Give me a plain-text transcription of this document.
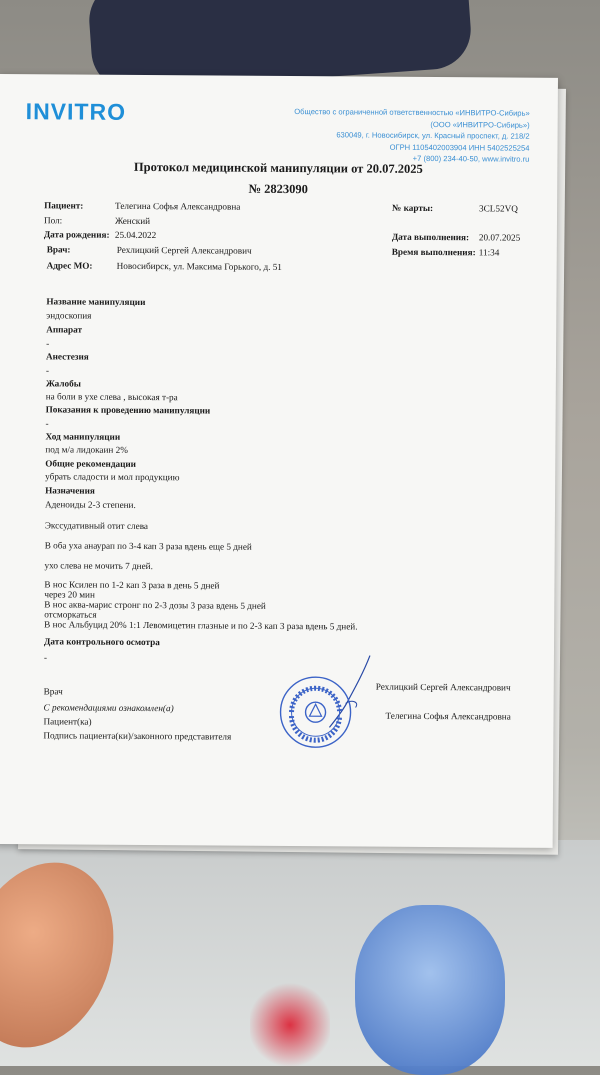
INVITRO	Общество с ограниченной ответственностью «ИНВИТРО-Сибирь»
(ООО «ИНВИТРО-Сибирь»)
630049, г. Новосибирск, ул. Красный проспект, д. 218/2
ОГРН 1105402003904 ИНН 5402525254
+7 (800) 234-40-50, www.invitro.ru
Протокол медицинской манипуляции от 20.07.2025
№ 2823090
Пациент:	Телегина Софья Александровна	№ карты:	3CL52VQ
Пол:	Женский
Дата рождения: 25.04.2022	Дата выполнения: 20.07.2025
Врач:	Рехлицкий Сергей Александрович	Время выполнения: 11:34
Адрес МО:	Новосибирск, ул. Максима Горького, д. 51
Название манипуляции
эндоскопия
Аппарат
-
Анестезия
-
Жалобы
на боли в ухе слева , высокая т-ра
Показания к проведению манипуляции
-
Ход манипуляции
под м/а лидокаин 2%
Общие рекомендации
убрать сладости и мол продукцию
Назначения
Аденоиды 2-3 степени.
Экссудативный отит слева
В оба уха анаурап по 3-4 кап 3 раза вдень еще 5 дней
ухо слева не мочить 7 дней.
В нос Ксилен по 1-2 кап 3 раза в день 5 дней
через 20 мин
В нос аква-марис стронг по 2-3 дозы 3 раза вдень 5 дней
отсморкаться
В нос Альбуцид 20% 1:1 Левомицетин глазные и по 2-3 кап 3 раза вдень 5 дней.
Дата контрольного осмотра
-
Врач	Рехлицкий Сергей Александрович
С рекомендациями ознакомлен(а)
Пациент(ка)	Телегина Софья Александровна
Подпись пациента(ки)/законного представителя
